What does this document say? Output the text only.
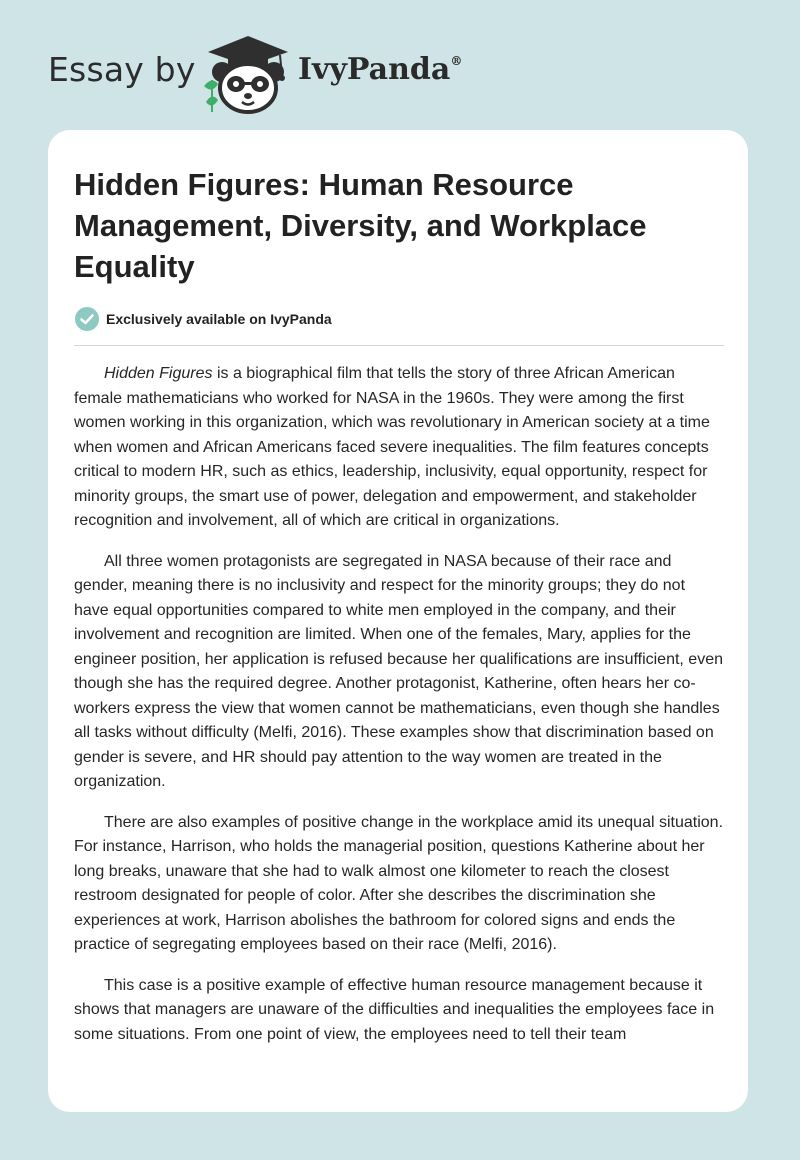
Essay by	IvyPanda®
Hidden Figures: Human Resource Management, Diversity, and Workplace Equality
Exclusively available on IvyPanda

Hidden Figures is a biographical film that tells the story of three African American female mathematicians who worked for NASA in the 1960s. They were among the first women working in this organization, which was revolutionary in American society at a time when women and African Americans faced severe inequalities. The film features concepts critical to modern HR, such as ethics, leadership, inclusivity, equal opportunity, respect for minority groups, the smart use of power, delegation and empowerment, and stakeholder recognition and involvement, all of which are critical in organizations.

All three women protagonists are segregated in NASA because of their race and gender, meaning there is no inclusivity and respect for the minority groups; they do not have equal opportunities compared to white men employed in the company, and their involvement and recognition are limited. When one of the females, Mary, applies for the engineer position, her application is refused because her qualifications are insufficient, even though she has the required degree. Another protagonist, Katherine, often hears her co-workers express the view that women cannot be mathematicians, even though she handles all tasks without difficulty (Melfi, 2016). These examples show that discrimination based on gender is severe, and HR should pay attention to the way women are treated in the organization.

There are also examples of positive change in the workplace amid its unequal situation. For instance, Harrison, who holds the managerial position, questions Katherine about her long breaks, unaware that she had to walk almost one kilometer to reach the closest restroom designated for people of color. After she describes the discrimination she experiences at work, Harrison abolishes the bathroom for colored signs and ends the practice of segregating employees based on their race (Melfi, 2016).

This case is a positive example of effective human resource management because it shows that managers are unaware of the difficulties and inequalities the employees face in some situations. From one point of view, the employees need to tell their team
